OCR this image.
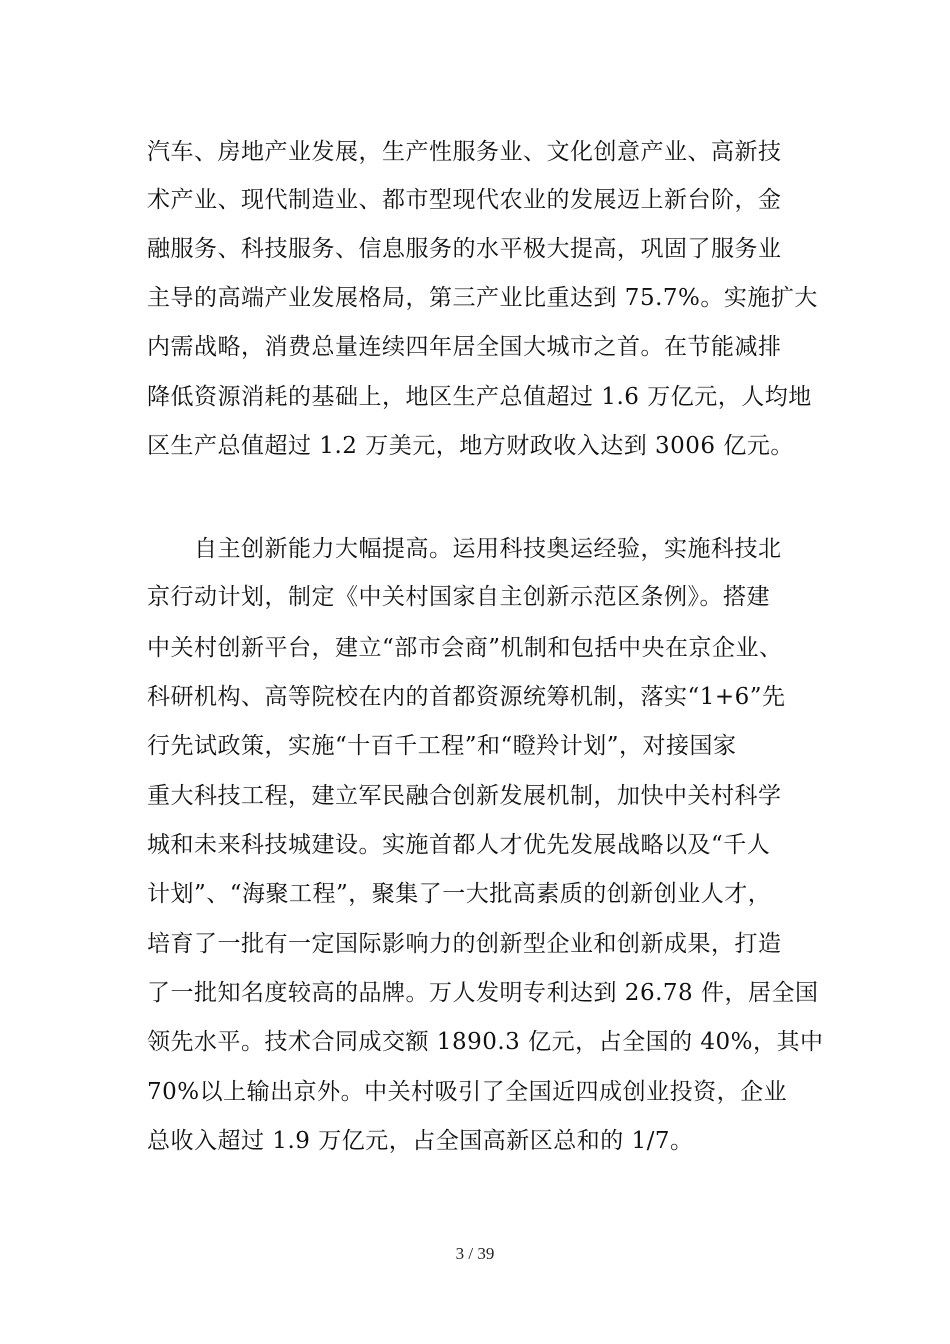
汽车、房地产业发展，生产性服务业、文化创意产业、高新技
术产业、现代制造业、都市型现代农业的发展迈上新台阶，金
融服务、科技服务、信息服务的水平极大提高，巩固了服务业
主导的高端产业发展格局，第三产业比重达到 75.7%。实施扩大
内需战略，消费总量连续四年居全国大城市之首。在节能减排
降低资源消耗的基础上，地区生产总值超过 1.6 万亿元，人均地
区生产总值超过 1.2 万美元，地方财政收入达到 3006 亿元。
自主创新能力大幅提高。运用科技奥运经验，实施科技北
京行动计划，制定《中关村国家自主创新示范区条例》。搭建
中关村创新平台，建立“部市会商”机制和包括中央在京企业、
科研机构、高等院校在内的首都资源统筹机制，落实“1+6”先
行先试政策，实施“十百千工程”和“瞪羚计划”，对接国家
重大科技工程，建立军民融合创新发展机制，加快中关村科学
城和未来科技城建设。实施首都人才优先发展战略以及“千人
计划”、“海聚工程”，聚集了一大批高素质的创新创业人才，
培育了一批有一定国际影响力的创新型企业和创新成果，打造
了一批知名度较高的品牌。万人发明专利达到 26.78 件，居全国
领先水平。技术合同成交额 1890.3 亿元，占全国的 40%，其中
70%以上输出京外。中关村吸引了全国近四成创业投资，企业
总收入超过 1.9 万亿元，占全国高新区总和的 1/7。
3 / 39
